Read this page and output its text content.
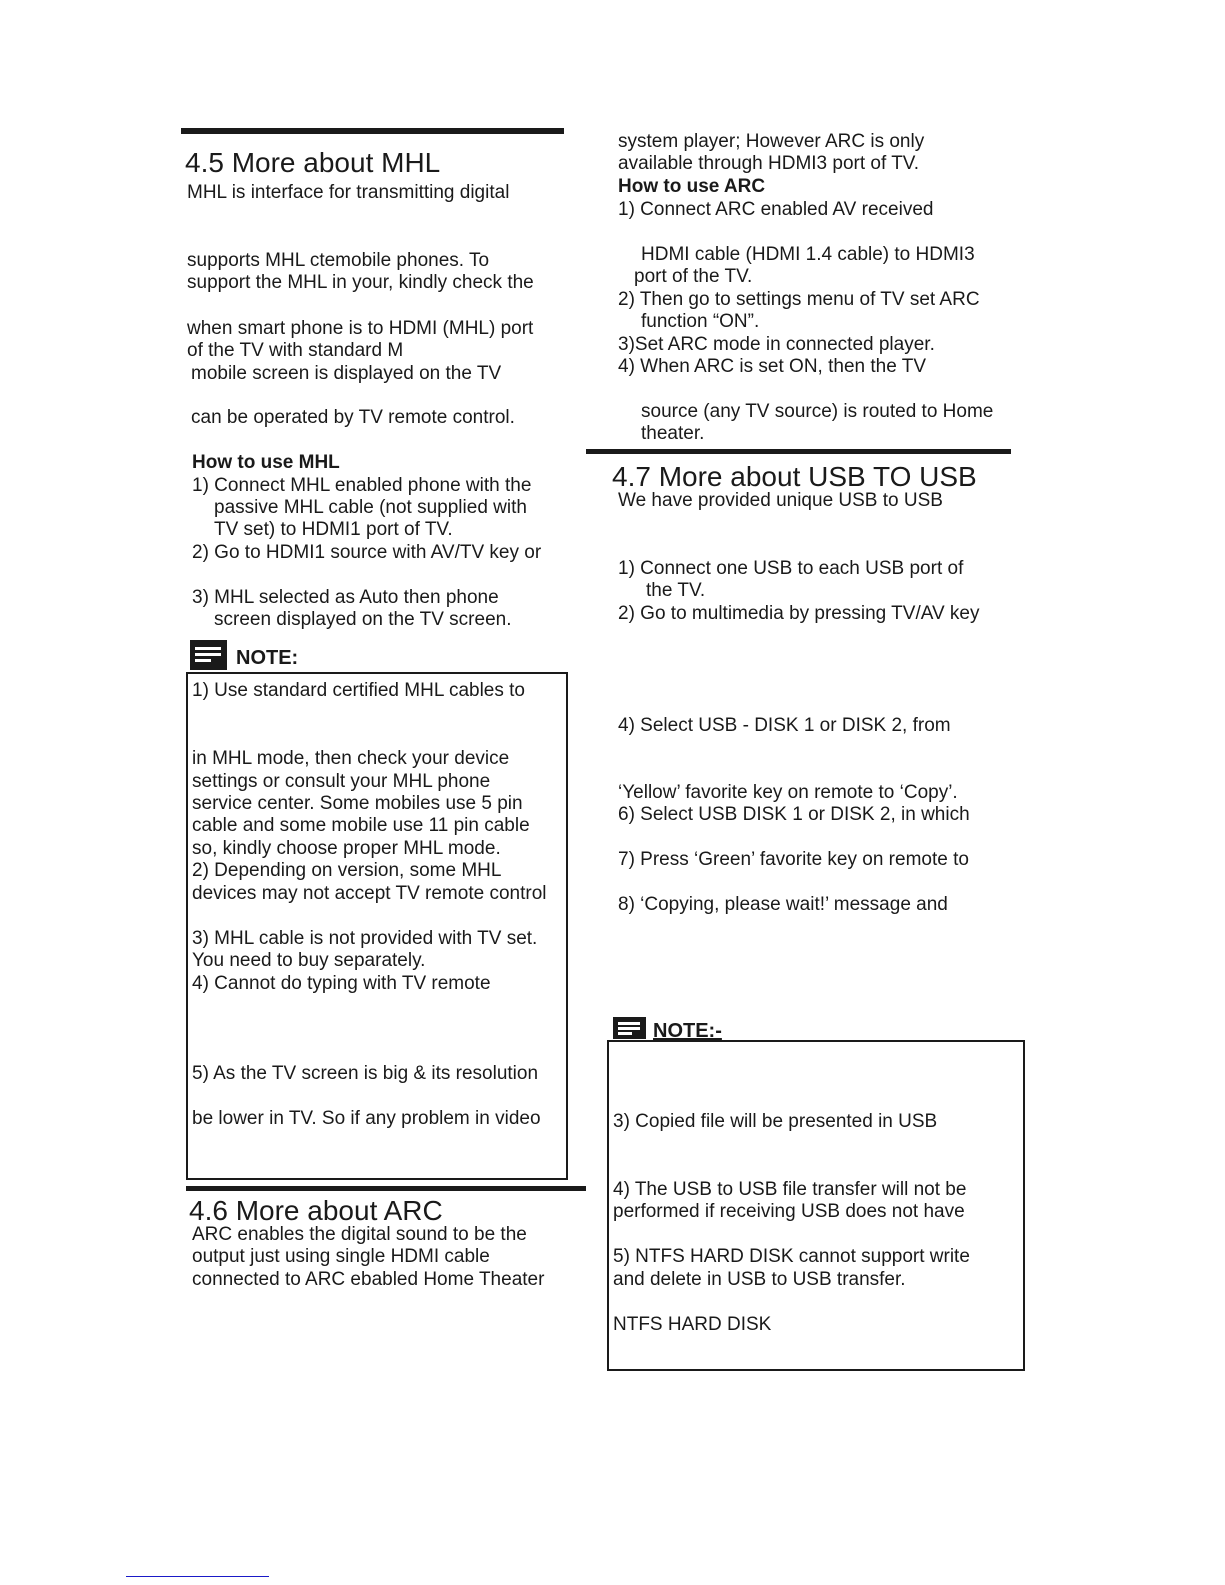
4.5 More about MHL
MHL is interface for transmitting digital
supports MHL ctemobile phones. To
support the MHL in your, kindly check the
when smart phone is to HDMI (MHL) port
of the TV with standard M
mobile screen is displayed on the TV
can be operated by TV remote control.
How to use MHL
1) Connect MHL enabled phone with the
passive MHL cable (not supplied with
TV set) to HDMI1 port of TV.
2) Go to HDMI1 source with AV/TV key or
3) MHL selected as Auto then phone
screen displayed on the TV screen.
NOTE:
1) Use standard certified MHL cables to
in MHL mode, then check your device
settings or consult your MHL phone
service center. Some mobiles use 5 pin
cable and some mobile use 11 pin cable
so, kindly choose proper MHL mode.
2) Depending on version, some MHL
devices may not accept TV remote control
3) MHL cable is not provided with TV set.
You need to buy separately.
4) Cannot do typing with TV remote
5) As the TV screen is big & its resolution
be lower in TV. So if any problem in video
4.6 More about ARC
ARC enables the digital sound to be the
output just using single HDMI cable
connected to ARC ebabled Home Theater
system player; However ARC is only
available through HDMI3 port of TV.
How to use ARC
1) Connect ARC enabled AV received
HDMI cable (HDMI 1.4 cable) to HDMI3
port of the TV.
2) Then go to settings menu of TV set ARC
function “ON”.
3)Set ARC mode in connected player.
4) When ARC is set ON, then the TV
source (any TV source) is routed to Home
theater.
4.7 More about USB TO USB
We have provided unique USB to USB
1) Connect one USB to each USB port of
the TV.
2) Go to multimedia by pressing TV/AV key
4) Select USB - DISK 1 or DISK 2, from
‘Yellow’ favorite key on remote to ‘Copy’.
6) Select USB DISK 1 or DISK 2, in which
7) Press ‘Green’ favorite key on remote to
8) ‘Copying, please wait!’ message and
NOTE:-
3) Copied file will be presented in USB
4) The USB to USB file transfer will not be
performed if receiving USB does not have
5) NTFS HARD DISK cannot support write
and delete in USB to USB transfer.
NTFS HARD DISK
